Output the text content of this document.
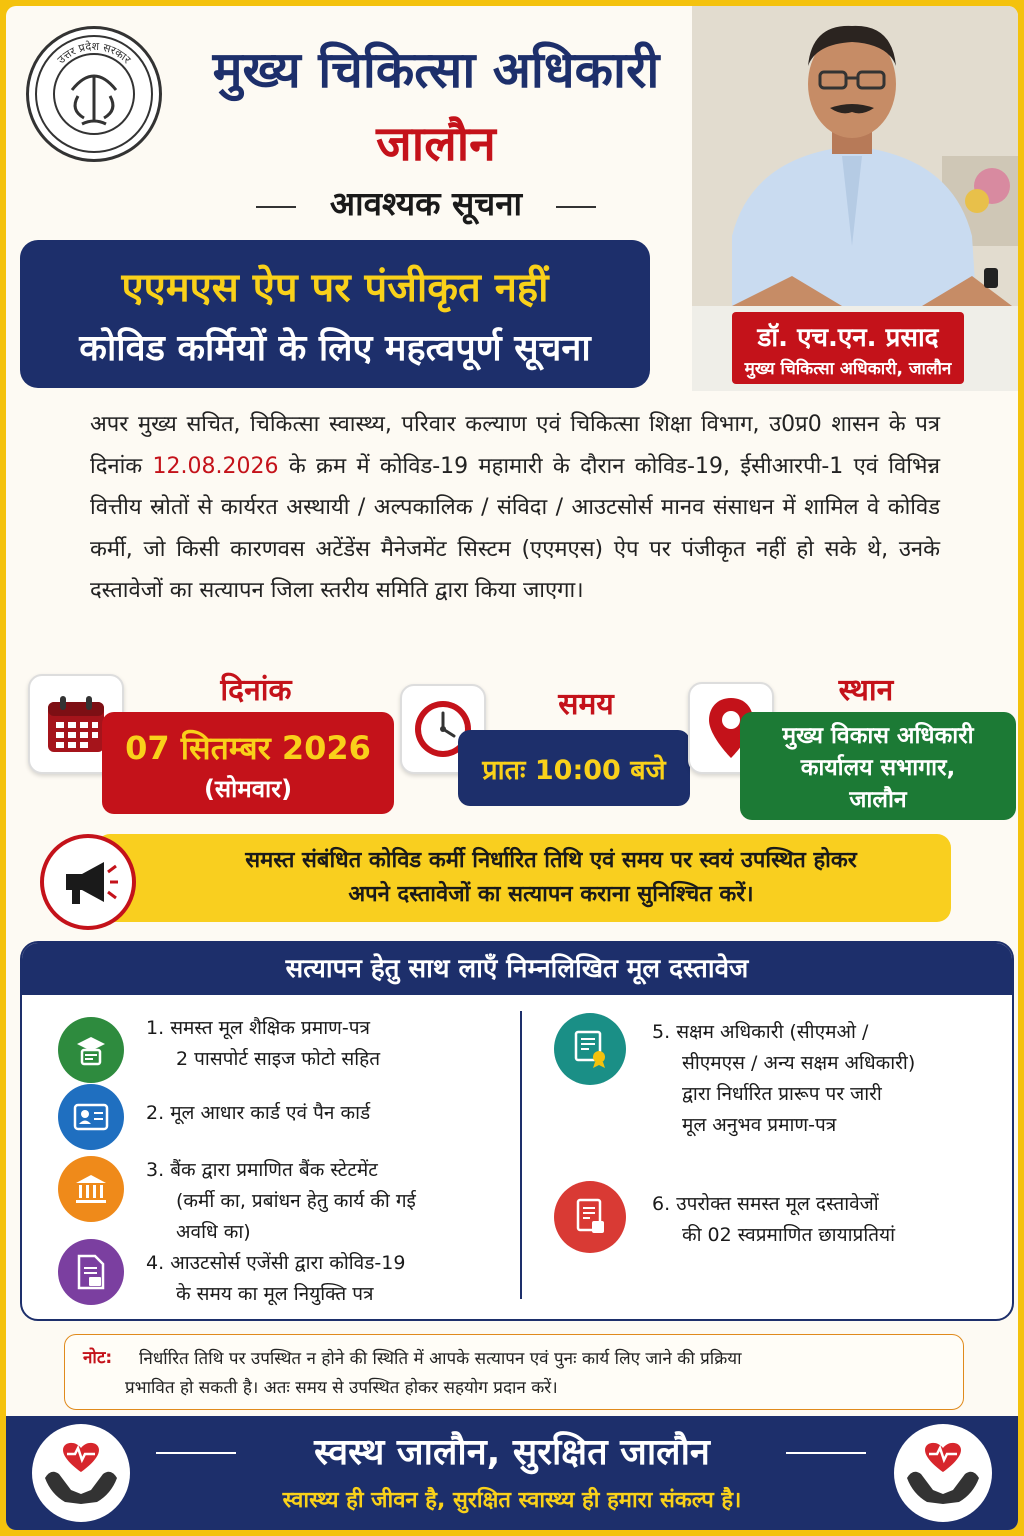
उत्तर प्रदेश सरकार	मुख्य चिकित्सा अधिकारी
जालौन
आवश्यक सूचना
एएमएस ऐप पर पंजीकृत नहीं
कोविड कर्मियों के लिए महत्वपूर्ण सूचना	डॉ. एच.एन. प्रसाद
मुख्य चिकित्सा अधिकारी, जालौन
अपर मुख्य सचित, चिकित्सा स्वास्थ्य, परिवार कल्याण एवं चिकित्सा शिक्षा विभाग, उ0प्र0 शासन के पत्र दिनांक 12.08.2026 के क्रम में कोविड-19 महामारी के दौरान कोविड-19, ईसीआरपी-1 एवं विभिन्न वित्तीय स्रोतों से कार्यरत अस्थायी / अल्पकालिक / संविदा / आउटसोर्स मानव संसाधन में शामिल वे कोविड कर्मी, जो किसी कारणवस अटेंडेंस मैनेजमेंट सिस्टम (एएमएस) ऐप पर पंजीकृत नहीं हो सके थे, उनके दस्तावेजों का सत्यापन जिला स्तरीय समिति द्वारा किया जाएगा।
दिनांक
07 सितम्बर 2026
(सोमवार)
समय
प्रातः 10:00 बजे
स्थान
मुख्य विकास अधिकारी
कार्यालय सभागार,
जालौन
समस्त संबंधित कोविड कर्मी निर्धारित तिथि एवं समय पर स्वयं उपस्थित होकर
अपने दस्तावेजों का सत्यापन कराना सुनिश्चित करें।
सत्यापन हेतु साथ लाएँ निम्नलिखित मूल दस्तावेज
1. समस्त मूल शैक्षिक प्रमाण-पत्र
2 पासपोर्ट साइज फोटो सहित
2. मूल आधार कार्ड एवं पैन कार्ड
3. बैंक द्वारा प्रमाणित बैंक स्टेटमेंट
(कर्मी का, प्रबांधन हेतु कार्य की गई
अवधि का)
4. आउटसोर्स एजेंसी द्वारा कोविड-19
के समय का मूल नियुक्ति पत्र
5. सक्षम अधिकारी (सीएमओ /
सीएमएस / अन्य सक्षम अधिकारी)
द्वारा निर्धारित प्रारूप पर जारी
मूल अनुभव प्रमाण-पत्र
6. उपरोक्त समस्त मूल दस्तावेजों
की 02 स्वप्रमाणित छायाप्रतियां
नोट: निर्धारित तिथि पर उपस्थित न होने की स्थिति में आपके सत्यापन एवं पुनः कार्य लिए जाने की प्रक्रिया
प्रभावित हो सकती है। अतः समय से उपस्थित होकर सहयोग प्रदान करें।
स्वस्थ जालौन, सुरक्षित जालौन
स्वास्थ्य ही जीवन है, सुरक्षित स्वास्थ्य ही हमारा संकल्प है।
